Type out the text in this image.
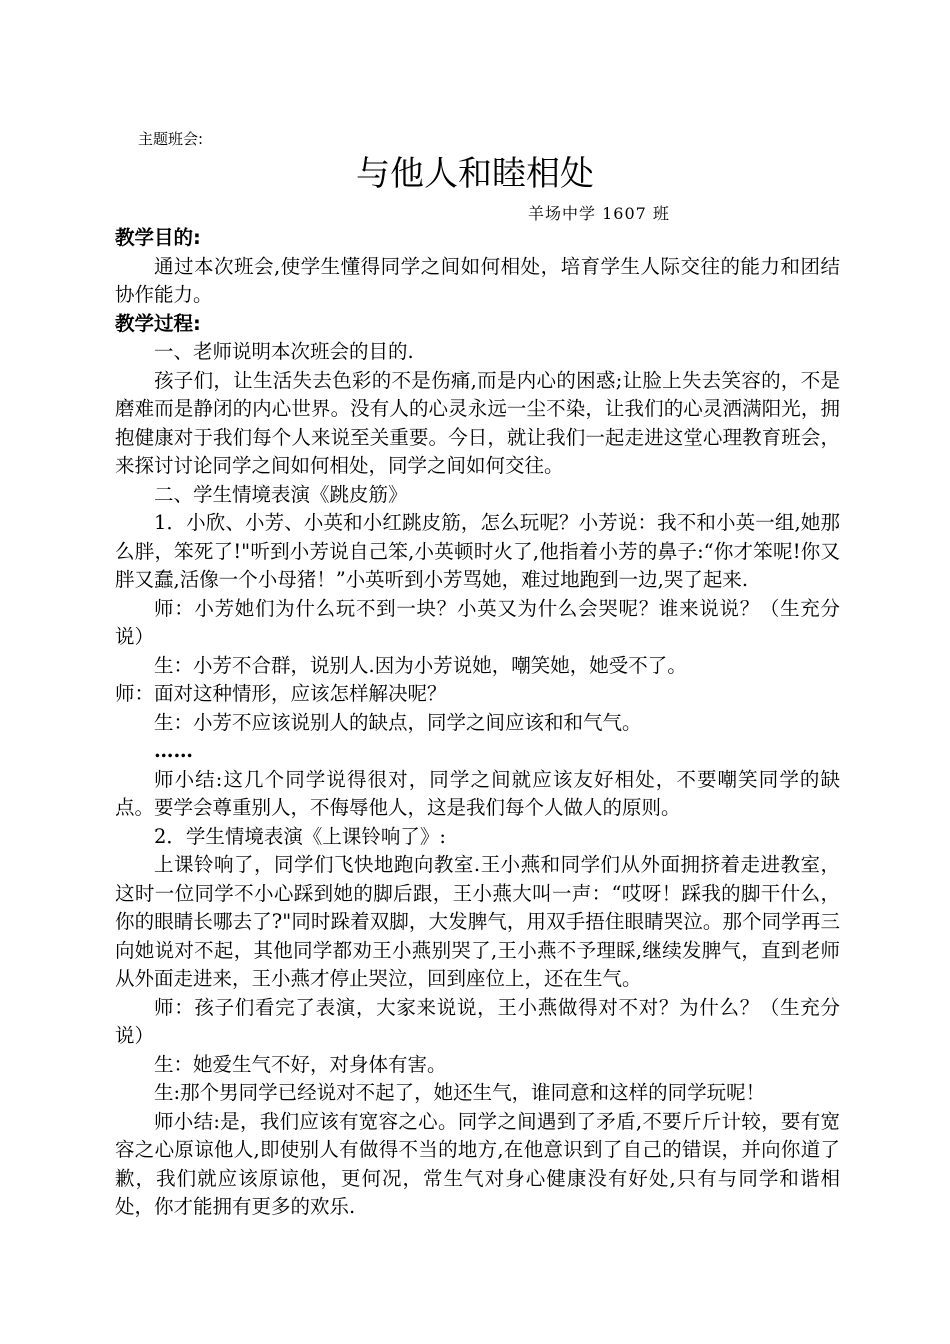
主题班会:
与他人和睦相处
羊场中学 1607 班

教学目的:

通过本次班会,使学生懂得同学之间如何相处，培育学生人际交往的能力和团结协作能力。

教学过程:

一、老师说明本次班会的目的.

孩子们，让生活失去色彩的不是伤痛,而是内心的困惑;让脸上失去笑容的，不是磨难而是静闭的内心世界。没有人的心灵永远一尘不染，让我们的心灵洒满阳光，拥抱健康对于我们每个人来说至关重要。今日，就让我们一起走进这堂心理教育班会，来探讨讨论同学之间如何相处，同学之间如何交往。

二、学生情境表演《跳皮筋》

1．小欣、小芳、小英和小红跳皮筋，怎么玩呢？小芳说：我不和小英一组,她那么胖，笨死了!"听到小芳说自己笨,小英顿时火了,他指着小芳的鼻子:“你才笨呢!你又胖又蠢,活像一个小母猪！”小英听到小芳骂她，难过地跑到一边,哭了起来.

师：小芳她们为什么玩不到一块？小英又为什么会哭呢？谁来说说？（生充分说）

生：小芳不合群，说别人.因为小芳说她，嘲笑她，她受不了。

师：面对这种情形，应该怎样解决呢？

生：小芳不应该说别人的缺点，同学之间应该和和气气。

……

师小结:这几个同学说得很对，同学之间就应该友好相处，不要嘲笑同学的缺点。要学会尊重别人，不侮辱他人，这是我们每个人做人的原则。

2．学生情境表演《上课铃响了》:

上课铃响了，同学们飞快地跑向教室.王小燕和同学们从外面拥挤着走进教室，这时一位同学不小心踩到她的脚后跟，王小燕大叫一声：“哎呀！踩我的脚干什么，你的眼睛长哪去了?"同时跺着双脚，大发脾气，用双手捂住眼睛哭泣。那个同学再三向她说对不起，其他同学都劝王小燕别哭了,王小燕不予理睬,继续发脾气，直到老师从外面走进来，王小燕才停止哭泣，回到座位上，还在生气。

师：孩子们看完了表演，大家来说说，王小燕做得对不对？为什么？（生充分说）

生：她爱生气不好，对身体有害。

生:那个男同学已经说对不起了，她还生气，谁同意和这样的同学玩呢！

师小结:是，我们应该有宽容之心。同学之间遇到了矛盾,不要斤斤计较，要有宽容之心原谅他人,即使别人有做得不当的地方,在他意识到了自己的错误，并向你道了歉，我们就应该原谅他，更何况，常生气对身心健康没有好处,只有与同学和谐相处，你才能拥有更多的欢乐.
